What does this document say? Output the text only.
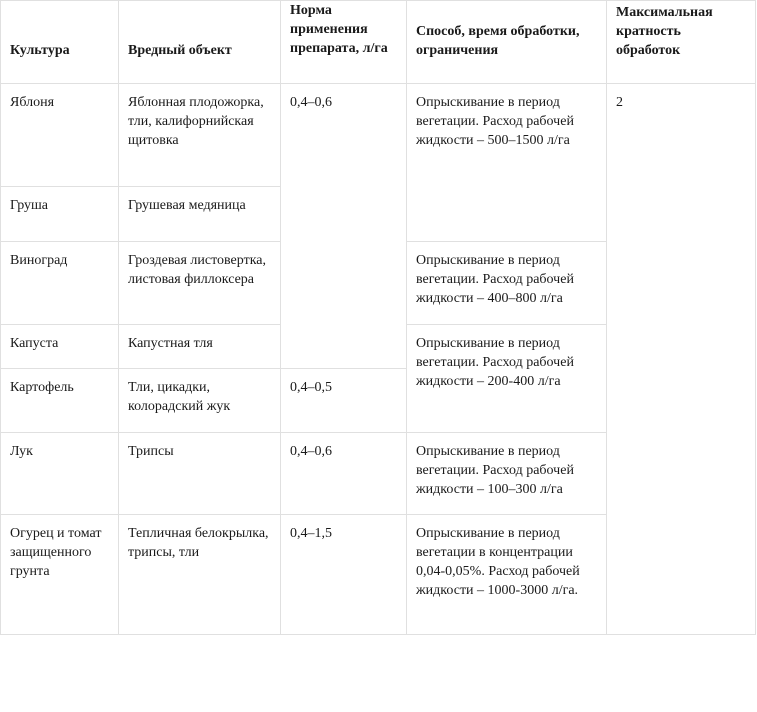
Культура	Вредный объект	Норма применения препарата, л/га	Способ, время обработки, ограничения	Максимальная кратность обработок
Яблоня	Яблонная плодожорка, тли, калифорнийская щитовка	0,4–0,6	Опрыскивание в период вегетации. Расход рабочей жидкости – 500–1500 л/га	2
Груша	Грушевая медяница			
Виноград	Гроздевая листовертка, листовая филлоксера		Опрыскивание в период вегетации. Расход рабочей жидкости – 400–800 л/га	
Капуста	Капустная тля		Опрыскивание в период вегетации. Расход рабочей жидкости – 200-400 л/га	
Картофель	Тли, цикадки, колорадский жук	0,4–0,5		
Лук	Трипсы	0,4–0,6	Опрыскивание в период вегетации. Расход рабочей жидкости – 100–300 л/га	
Огурец и томат защищенного грунта	Тепличная белокрылка, трипсы, тли	0,4–1,5	Опрыскивание в период вегетации в концентрации 0,04-0,05%. Расход рабочей жидкости – 1000-3000 л/га.	
